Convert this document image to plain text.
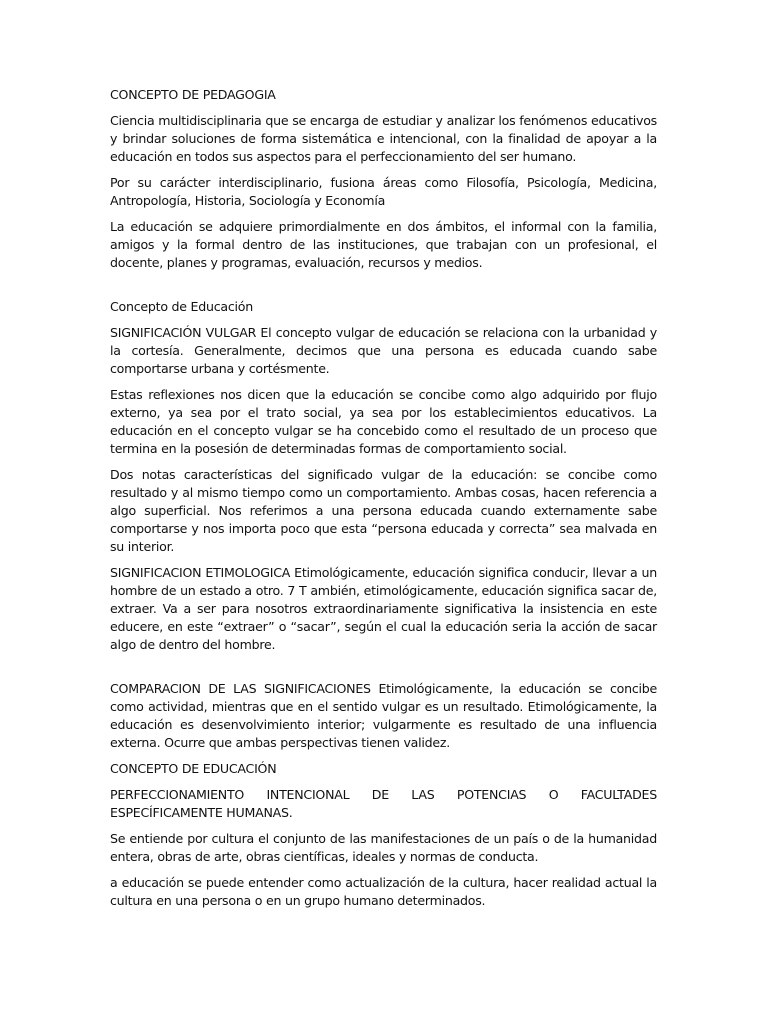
CONCEPTO DE PEDAGOGIA

Ciencia multidisciplinaria que se encarga de estudiar y analizar los fenómenos educativos y brindar soluciones de forma sistemática e intencional, con la finalidad de apoyar a la educación en todos sus aspectos para el perfeccionamiento del ser humano.

Por su carácter interdisciplinario, fusiona áreas como Filosofía, Psicología, Medicina, Antropología, Historia, Sociología y Economía

La educación se adquiere primordialmente en dos ámbitos, el informal con la familia, amigos y la formal dentro de las instituciones, que trabajan con un profesional, el docente, planes y programas, evaluación, recursos y medios.

Concepto de Educación

SIGNIFICACIÓN VULGAR El concepto vulgar de educación se relaciona con la urbanidad y la cortesía. Generalmente, decimos que una persona es educada cuando sabe comportarse urbana y cortésmente.

Estas reflexiones nos dicen que la educación se concibe como algo adquirido por flujo externo, ya sea por el trato social, ya sea por los establecimientos educativos. La educación en el concepto vulgar se ha concebido como el resultado de un proceso que termina en la posesión de determinadas formas de comportamiento social.

Dos notas características del significado vulgar de la educación: se concibe como resultado y al mismo tiempo como un comportamiento. Ambas cosas, hacen referencia a algo superficial. Nos referimos a una persona educada cuando externamente sabe comportarse y nos importa poco que esta “persona educada y correcta” sea malvada en su interior.

SIGNIFICACION ETIMOLOGICA Etimológicamente, educación significa conducir, llevar a un hombre de un estado a otro. 7 T ambién, etimológicamente, educación significa sacar de, extraer. Va a ser para nosotros extraordinariamente significativa la insistencia en este educere, en este “extraer” o “sacar”, según el cual la educación seria la acción de sacar algo de dentro del hombre.

COMPARACION DE LAS SIGNIFICACIONES Etimológicamente, la educación se concibe como actividad, mientras que en el sentido vulgar es un resultado. Etimológicamente, la educación es desenvolvimiento interior; vulgarmente es resultado de una influencia externa. Ocurre que ambas perspectivas tienen validez.

CONCEPTO DE EDUCACIÓN

PERFECCIONAMIENTO INTENCIONAL DE LAS POTENCIAS O FACULTADES ESPECÍFICAMENTE HUMANAS.

Se entiende por cultura el conjunto de las manifestaciones de un país o de la humanidad entera, obras de arte, obras científicas, ideales y normas de conducta.

a educación se puede entender como actualización de la cultura, hacer realidad actual la cultura en una persona o en un grupo humano determinados.
